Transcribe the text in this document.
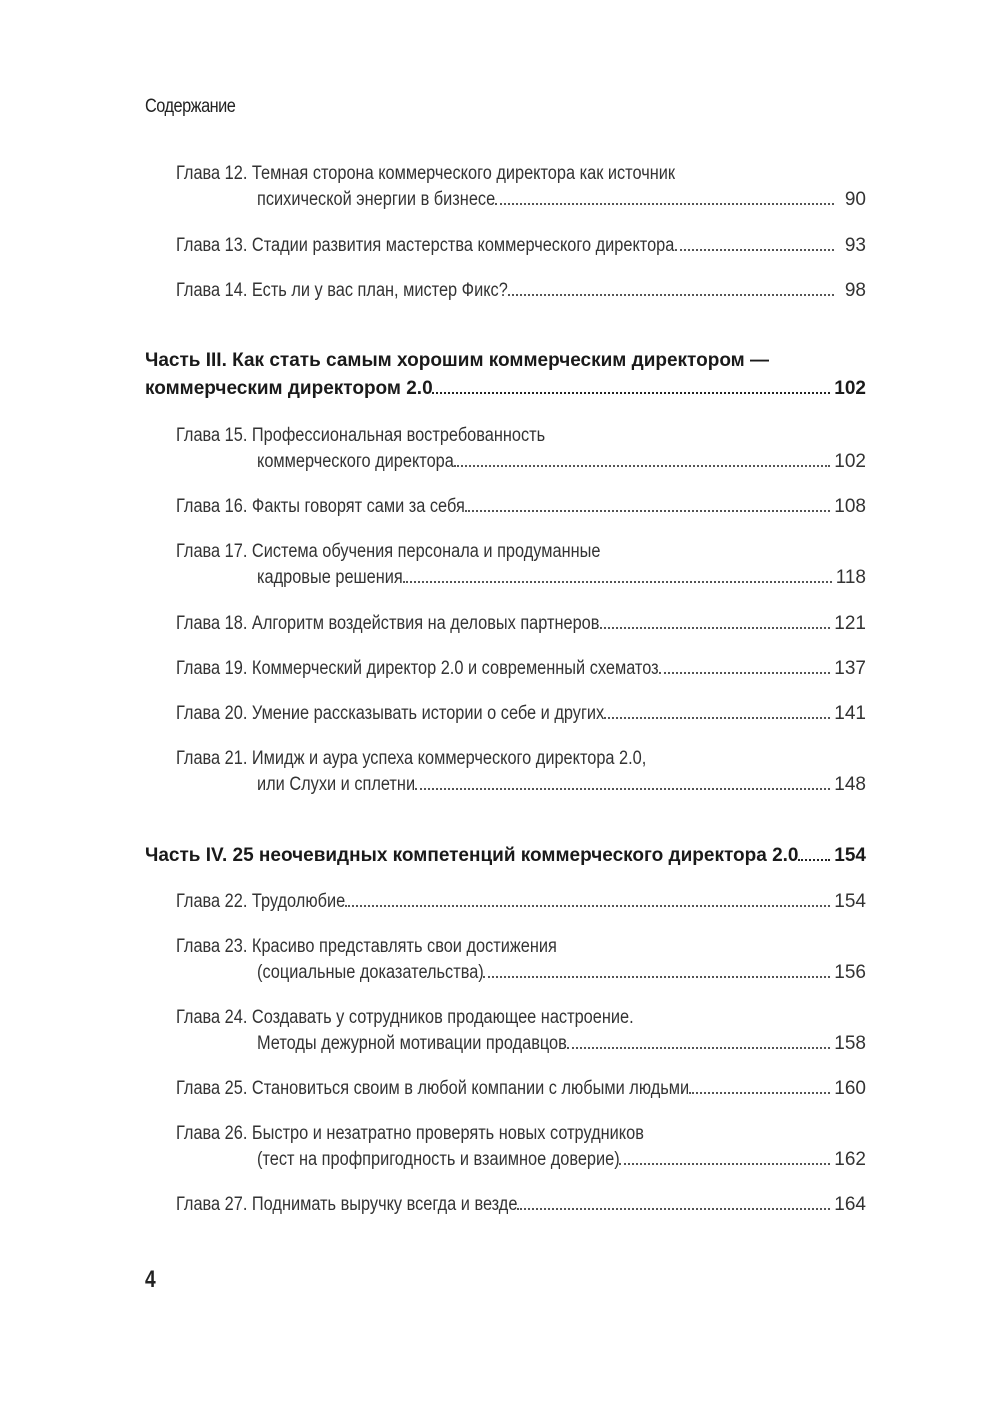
Содержание
Глава 12. Темная сторона коммерческого директора как источник
психической энергии в бизнесе	90
Глава 13. Стадии развития мастерства коммерческого директора	93
Глава 14. Есть ли у вас план, мистер Фикс?	98
Часть III. Как стать самым хорошим коммерческим директором —
коммерческим директором 2.0	102
Глава 15. Профессиональная востребованность
коммерческого директора	102
Глава 16. Факты говорят сами за себя	108
Глава 17. Система обучения персонала и продуманные
кадровые решения	118
Глава 18. Алгоритм воздействия на деловых партнеров	121
Глава 19. Коммерческий директор 2.0 и современный схематоз	137
Глава 20. Умение рассказывать истории о себе и других	141
Глава 21. Имидж и аура успеха коммерческого директора 2.0,
или Слухи и сплетни	148
Часть IV. 25 неочевидных компетенций коммерческого директора 2.0 154
Глава 22. Трудолюбие	154
Глава 23. Красиво представлять свои достижения
(социальные доказательства)	156
Глава 24. Создавать у сотрудников продающее настроение.
Методы дежурной мотивации продавцов	158
Глава 25. Становиться своим в любой компании с любыми людьми	160
Глава 26. Быстро и незатратно проверять новых сотрудников
(тест на профпригодность и взаимное доверие)	162
Глава 27. Поднимать выручку всегда и везде	164
4
